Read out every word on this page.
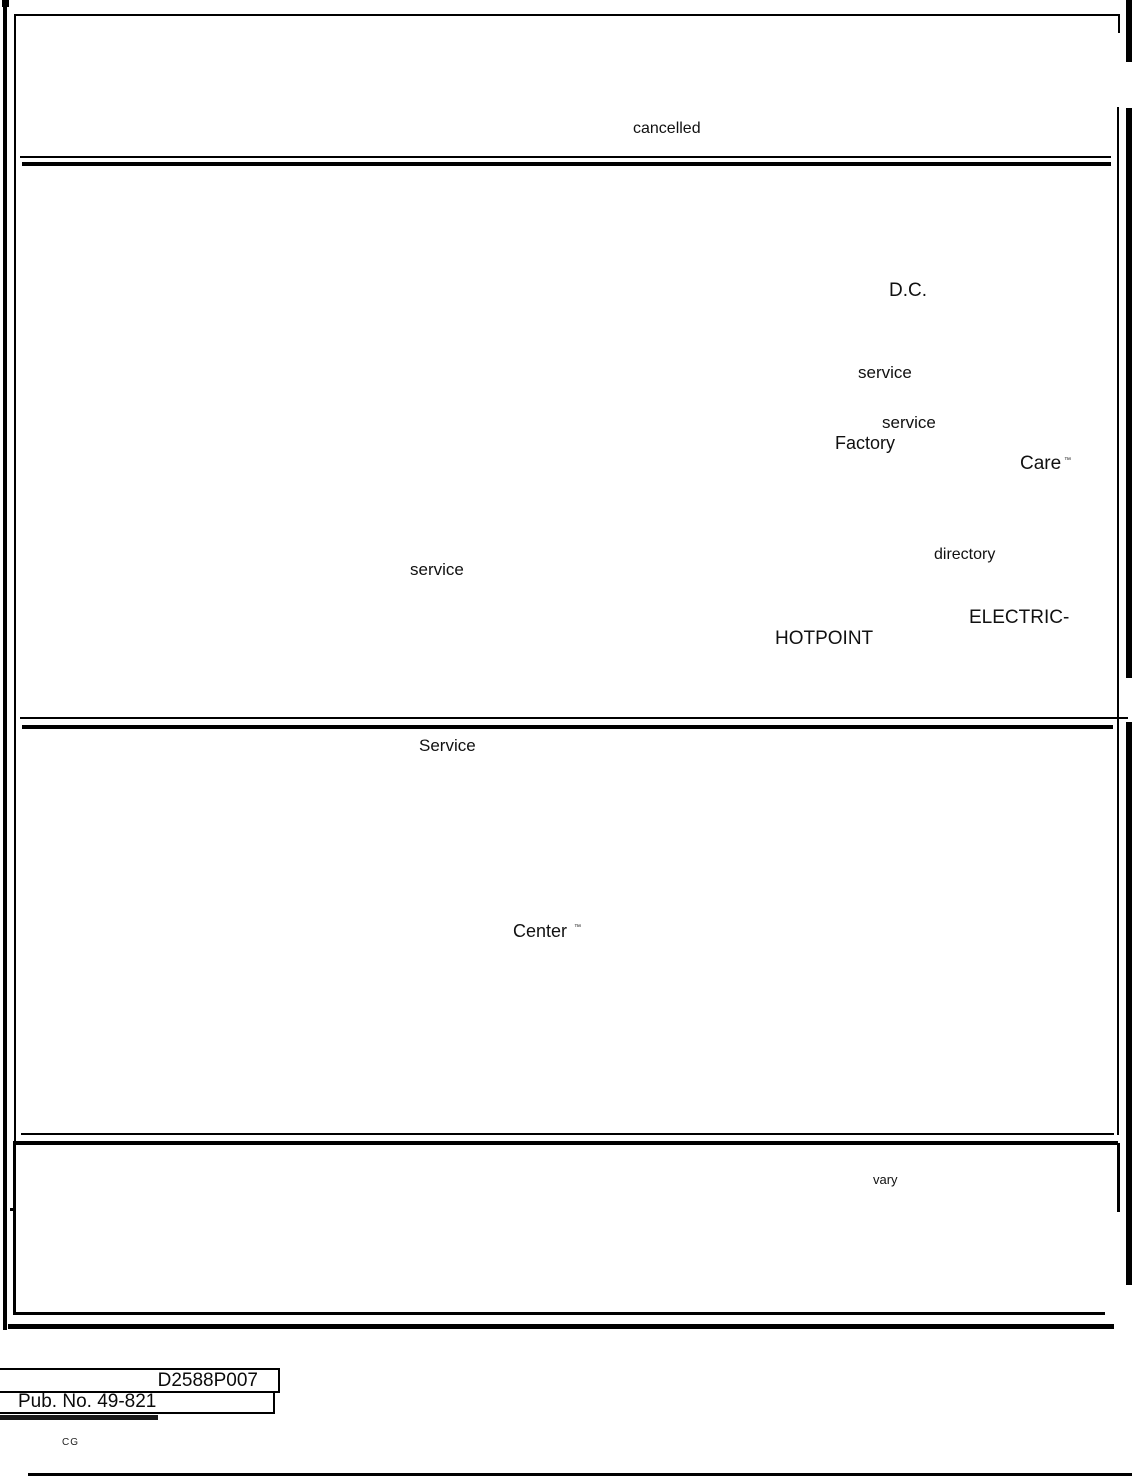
cancelled
D.C.
service
service
Factory
Care ™
directory
service
ELECTRIC-
HOTPOINT
Service
Center ™
vary
D2588P007
Pub. No. 49-821
CG
